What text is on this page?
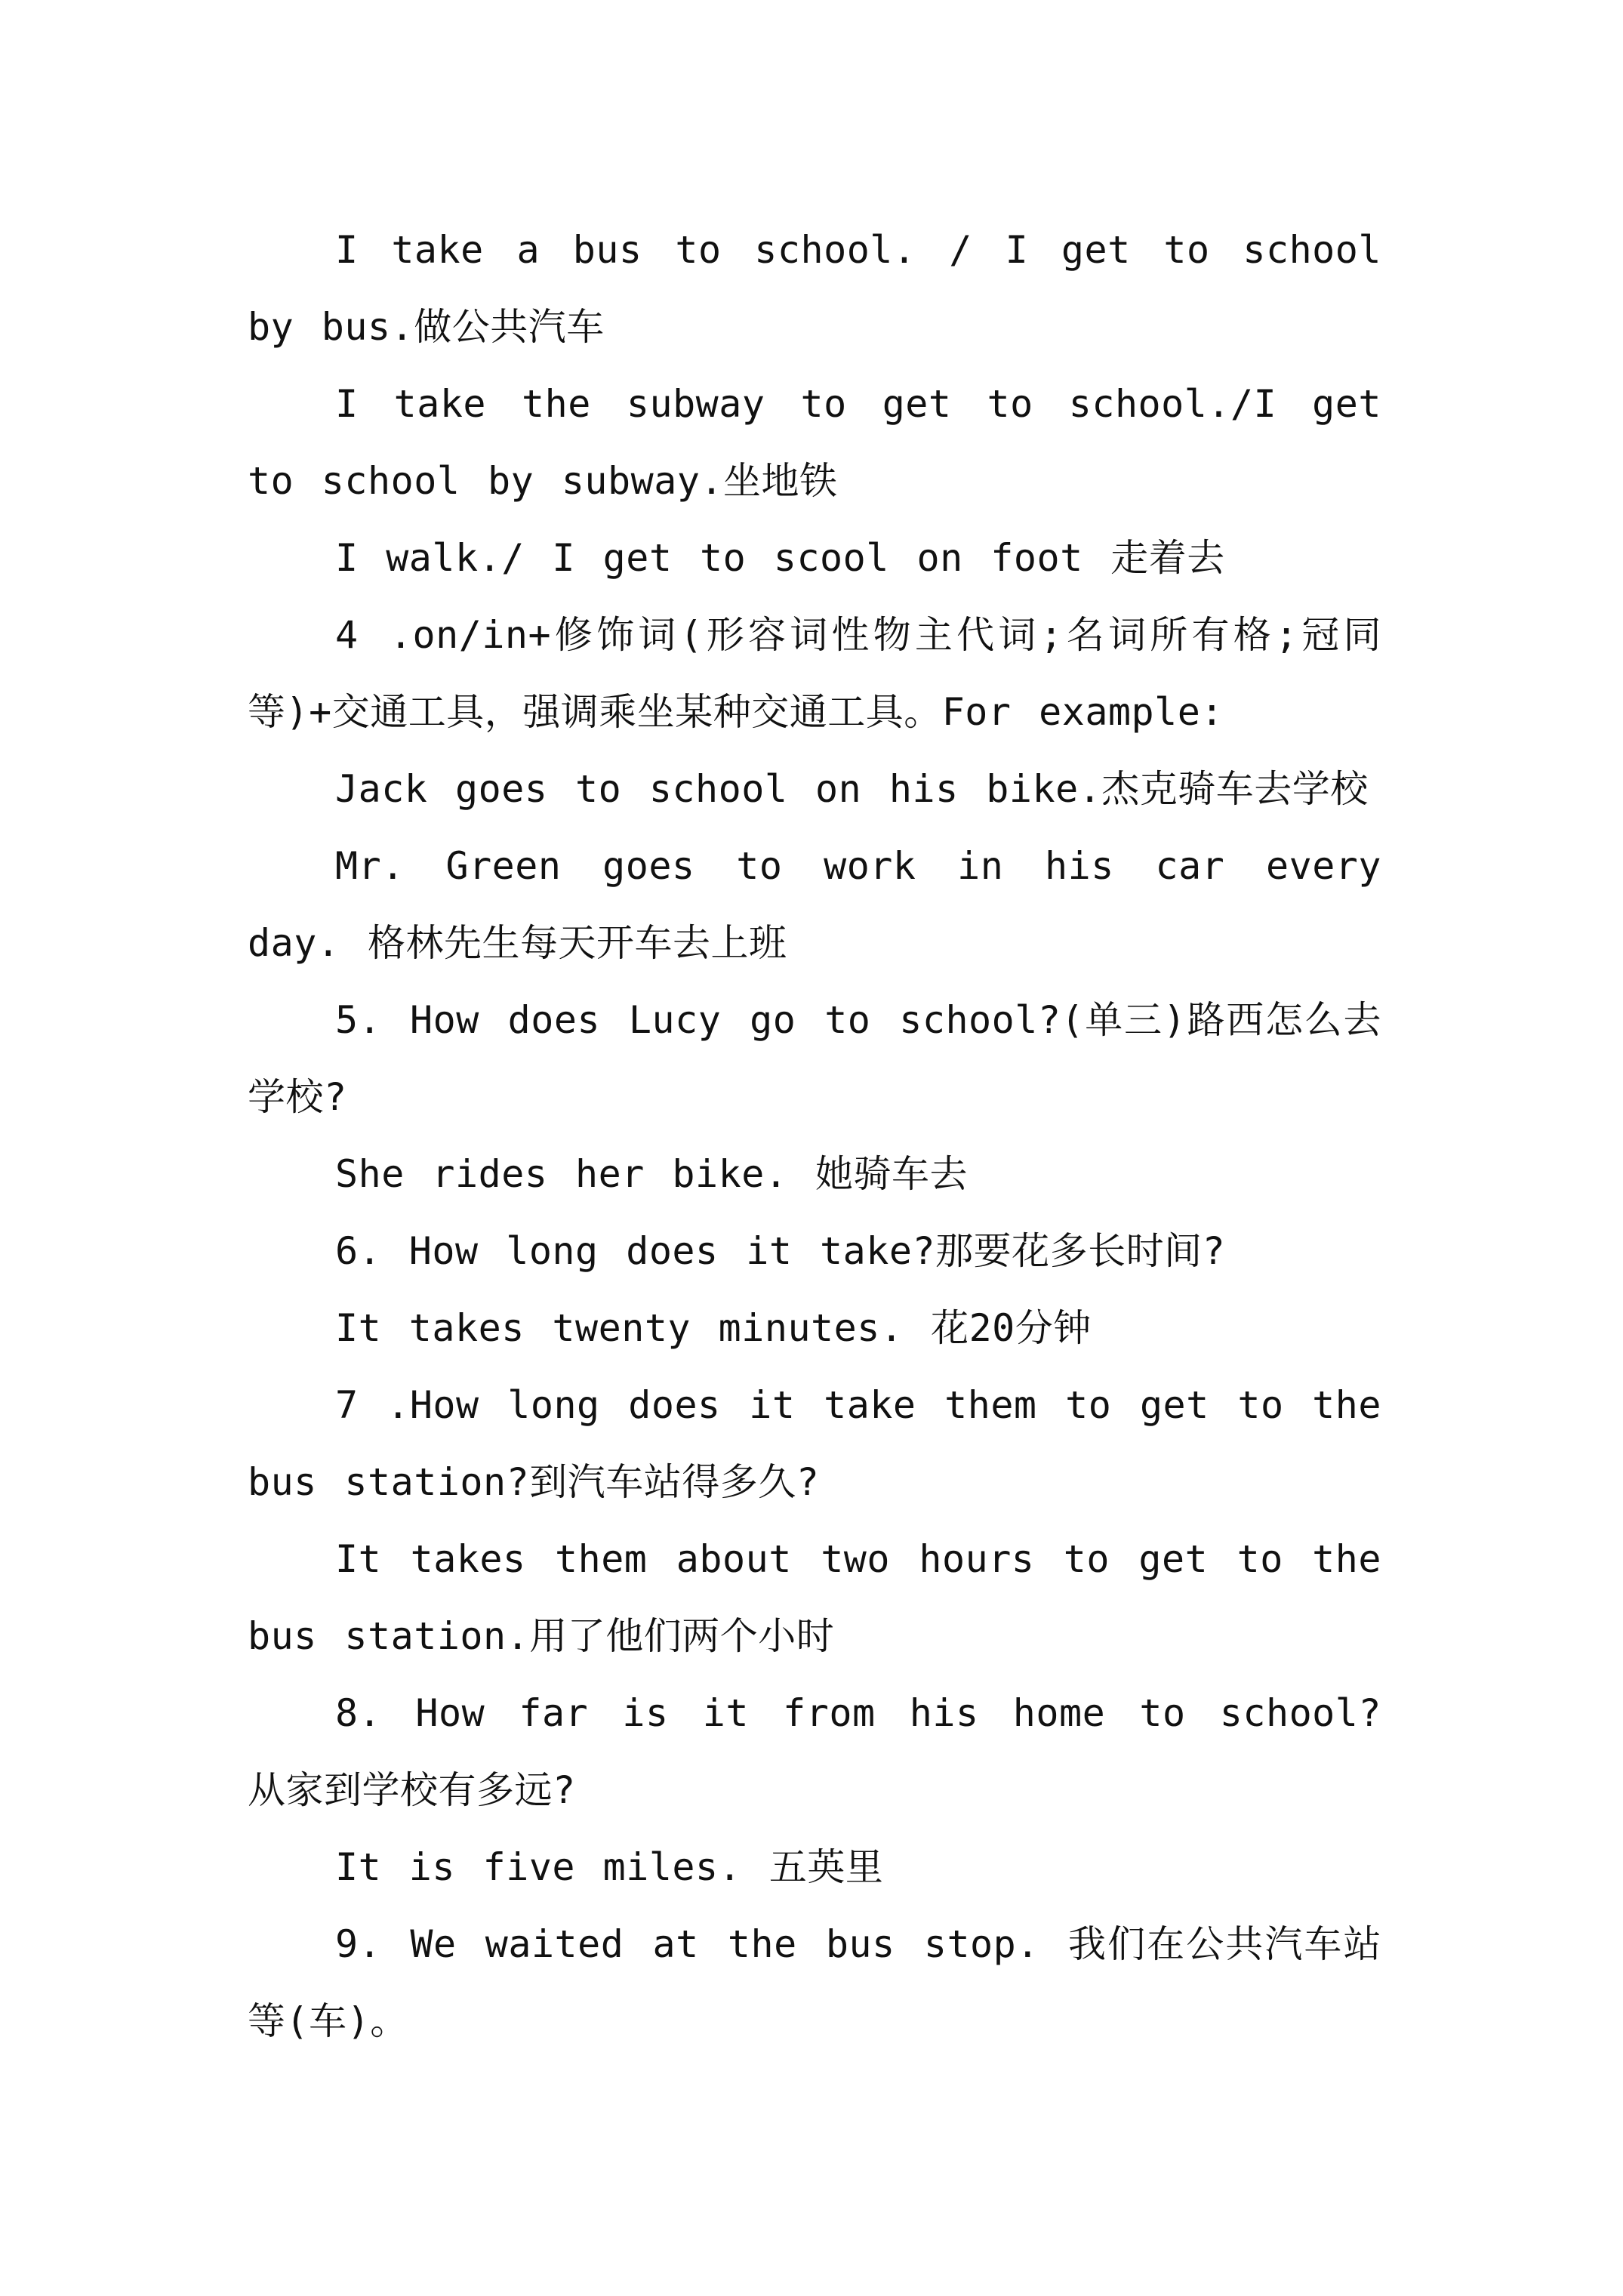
I take a bus to school. / I get to school by bus.做公共汽车

I take the subway to get to school./I get to school by subway.坐地铁

I walk./ I get to scool on foot 走着去

4 .on/in+修饰词(形容词性物主代词;名词所有格;冠同等)+交通工具，强调乘坐某种交通工具。For example:

Jack goes to school on his bike.杰克骑车去学校

Mr. Green goes to work in his car every day. 格林先生每天开车去上班

5. How does Lucy go to school?(单三)路西怎么去学校?

She rides her bike. 她骑车去

6. How long does it take?那要花多长时间?

It takes twenty minutes. 花20分钟

7 .How long does it take them to get to the bus station?到汽车站得多久?

It takes them about two hours to get to the bus station.用了他们两个小时

8. How far is it from his home to school? 从家到学校有多远?

It is five miles. 五英里

9. We waited at the bus stop. 我们在公共汽车站等(车)。
